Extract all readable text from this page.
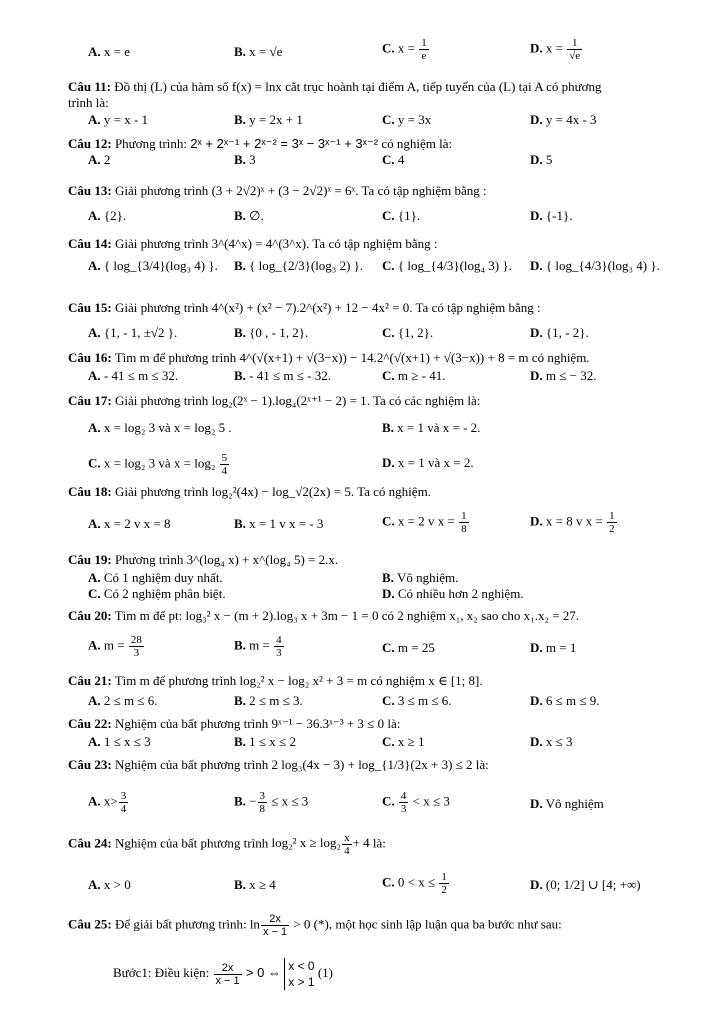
A. x = e	B. x = √e	C. $x = \frac{1}{e}$	D. $x = \frac{1}{√e}$
Câu 11: Đồ thị (L) của hàm số f(x) = lnx cắt trục hoành tại điểm A, tiếp tuyến của (L) tại A có phương
trình là:
A. y = x - 1	B. y = 2x + 1	C. y = 3x	D. y = 4x - 3
Câu 12: Phương trình: 2ˣ + 2ˣ⁻¹ + 2ˣ⁻² = 3ˣ − 3ˣ⁻¹ + 3ˣ⁻² có nghiệm là:
A. 2	B. 3	C. 4	D. 5
Câu 13: Giải phương trình (3 + 2√2)ˣ + (3 − 2√2)ˣ = 6ˣ. Ta có tập nghiệm bằng :
A. {2}.	B. ∅.	C. {1}.	D. {-1}.
Câu 14: Giải phương trình 3^(4^x) = 4^(3^x). Ta có tập nghiệm bằng :
A. { log_{3/4}(log₃ 4) }. B. { log_{2/3}(log₃ 2) }. C. { log_{4/3}(log₄ 3) }. D. { log_{4/3}(log₃ 4) }.
Câu 15: Giải phương trình 4^(x²) + (x² − 7).2^(x²) + 12 − 4x² = 0. Ta có tập nghiệm bằng :
A. {1, - 1, ±√2 }.	B. {0 , - 1, 2}.	C. {1, 2}.	D. {1, - 2}.
Câu 16: Tìm m để phương trình 4^(√(x+1) + √(3−x)) − 14.2^(√(x+1) + √(3−x)) + 8 = m có nghiệm.
A. - 41 ≤ m ≤ 32.	B. - 41 ≤ m ≤ - 32.	C. m ≥ - 41.	D. m ≤ − 32.
Câu 17: Giải phương trình log₂(2ˣ − 1).log₄(2ˣ⁺¹ − 2) = 1. Ta có các nghiệm là:
A. x = log₂ 3 và x = log₂ 5 .	B. x = 1 và x = - 2.
C. x = log₂ 3 và $x = \log_2 \frac{5}{4}$	D. x = 1 và x = 2.
Câu 18: Giải phương trình log₂²(4x) − log_√2(2x) = 5. Ta có nghiệm.
A. x = 2 v x = 8	B. x = 1 v x = - 3	C. x = 2 v $x = \frac{1}{8}$	D. x = 8 v $x = \frac{1}{2}$
Câu 19: Phương trình 3^(log₄ x) + x^(log₄ 5) = 2.x.
A. Có 1 nghiệm duy nhất.	B. Vô nghiệm.
C. Có 2 nghiệm phân biệt.	D. Có nhiều hơn 2 nghiệm.
Câu 20: Tìm m để pt: log₃² x − (m + 2).log₃ x + 3m − 1 = 0 có 2 nghiệm x₁, x₂ sao cho x₁.x₂ = 27.
A. $m = \frac{28}{3}$	B. $m = \frac{4}{3}$	C. m = 25	D. m = 1
Câu 21: Tìm m để phương trình log₂² x − log₂ x² + 3 = m có nghiệm x ∈ [1; 8].
A. 2 ≤ m ≤ 6.	B. 2 ≤ m ≤ 3.	C. 3 ≤ m ≤ 6.	D. 6 ≤ m ≤ 9.
Câu 22: Nghiệm của bất phương trình 9ˣ⁻¹ − 36.3ˣ⁻³ + 3 ≤ 0 là:
A. 1 ≤ x ≤ 3	B. 1 ≤ x ≤ 2	C. x ≥ 1	D. x ≤ 3
Câu 23: Nghiệm của bất phương trình 2 log₃(4x − 3) + log_{1/3}(2x + 3) ≤ 2 là:
A. $x> \frac{3}{4}$	B. − $\frac{3}{8} \le x \le 3$	C. $\frac{4}{3} < x \le 3$	D. Vô nghiệm
Câu 24: Nghiệm của bất phương trình log₂² $x \ge \log_2 \frac{x}{4} + 4$ là:
A. x > 0	B. x ≥ 4	C. $0 < x \le \frac{1}{2}$	D. (0; 1/2] ∪ [4; +∞)
Câu 25: Để giải bất phương trình: $\ln \frac{2x}{x - 1} > 0$ (*), một học sinh lập luận qua ba bước như sau:
Bước1: Điều kiện: $\frac{2x}{x - 1} > 0$ ⇔ x < 0
x > 1
(1)
